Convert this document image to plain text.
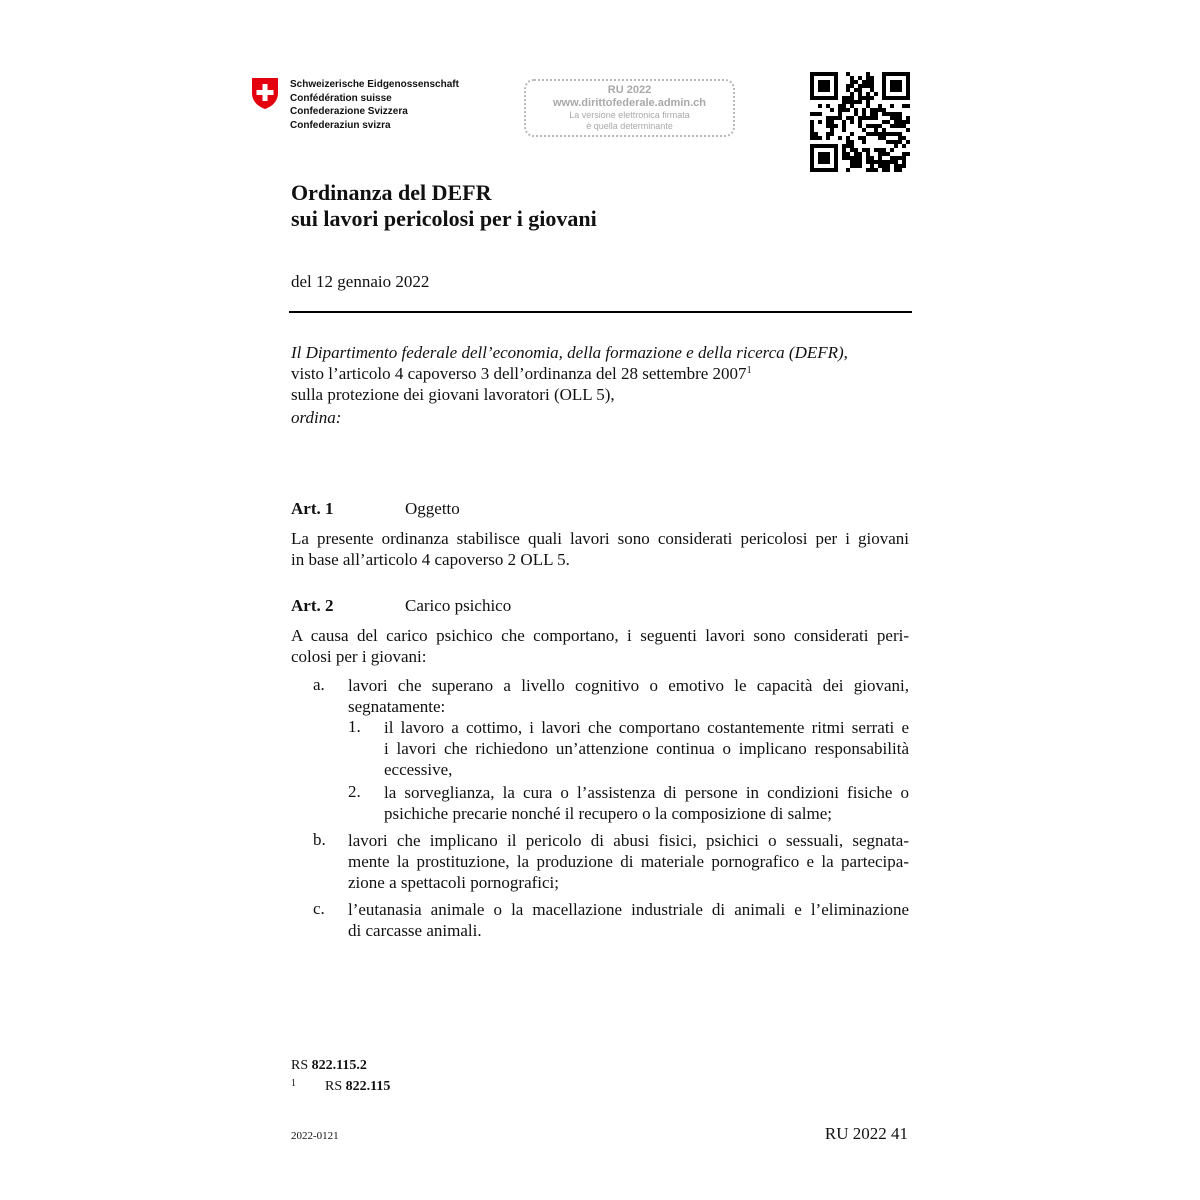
Schweizerische Eidgenossenschaft
Confédération suisse
Confederazione Svizzera
Confederaziun svizra
RU 2022
www.dirittofederale.admin.ch
La versione elettronica firmata
è quella determinante
Ordinanza del DEFR
sui lavori pericolosi per i giovani
del 12 gennaio 2022
Il Dipartimento federale dell’economia, della formazione e della ricerca (DEFR),
visto l’articolo 4 capoverso 3 dell’ordinanza del 28 settembre 2007$^1$
sulla protezione dei giovani lavoratori (OLL 5),
ordina:
Art. 1	Oggetto
La presente ordinanza stabilisce quali lavori sono considerati pericolosi per i giovani
in base all’articolo 4 capoverso 2 OLL 5.
Art. 2	Carico psichico
A causa del carico psichico che comportano, i seguenti lavori sono considerati peri-
colosi per i giovani:
a. lavori che superano a livello cognitivo o emotivo le capacità dei giovani,
segnatamente:
1. il lavoro a cottimo, i lavori che comportano costantemente ritmi serrati e
i lavori che richiedono un’attenzione continua o implicano responsabilità
eccessive,
2. la sorveglianza, la cura o l’assistenza di persone in condizioni fisiche o
psichiche precarie nonché il recupero o la composizione di salme;
b. lavori che implicano il pericolo di abusi fisici, psichici o sessuali, segnata-
mente la prostituzione, la produzione di materiale pornografico e la partecipa-
zione a spettacoli pornografici;
c. l’eutanasia animale o la macellazione industriale di animali e l’eliminazione
di carcasse animali.
RS 822.115.2
1 RS 822.115
2022-0121	RU 2022 41
